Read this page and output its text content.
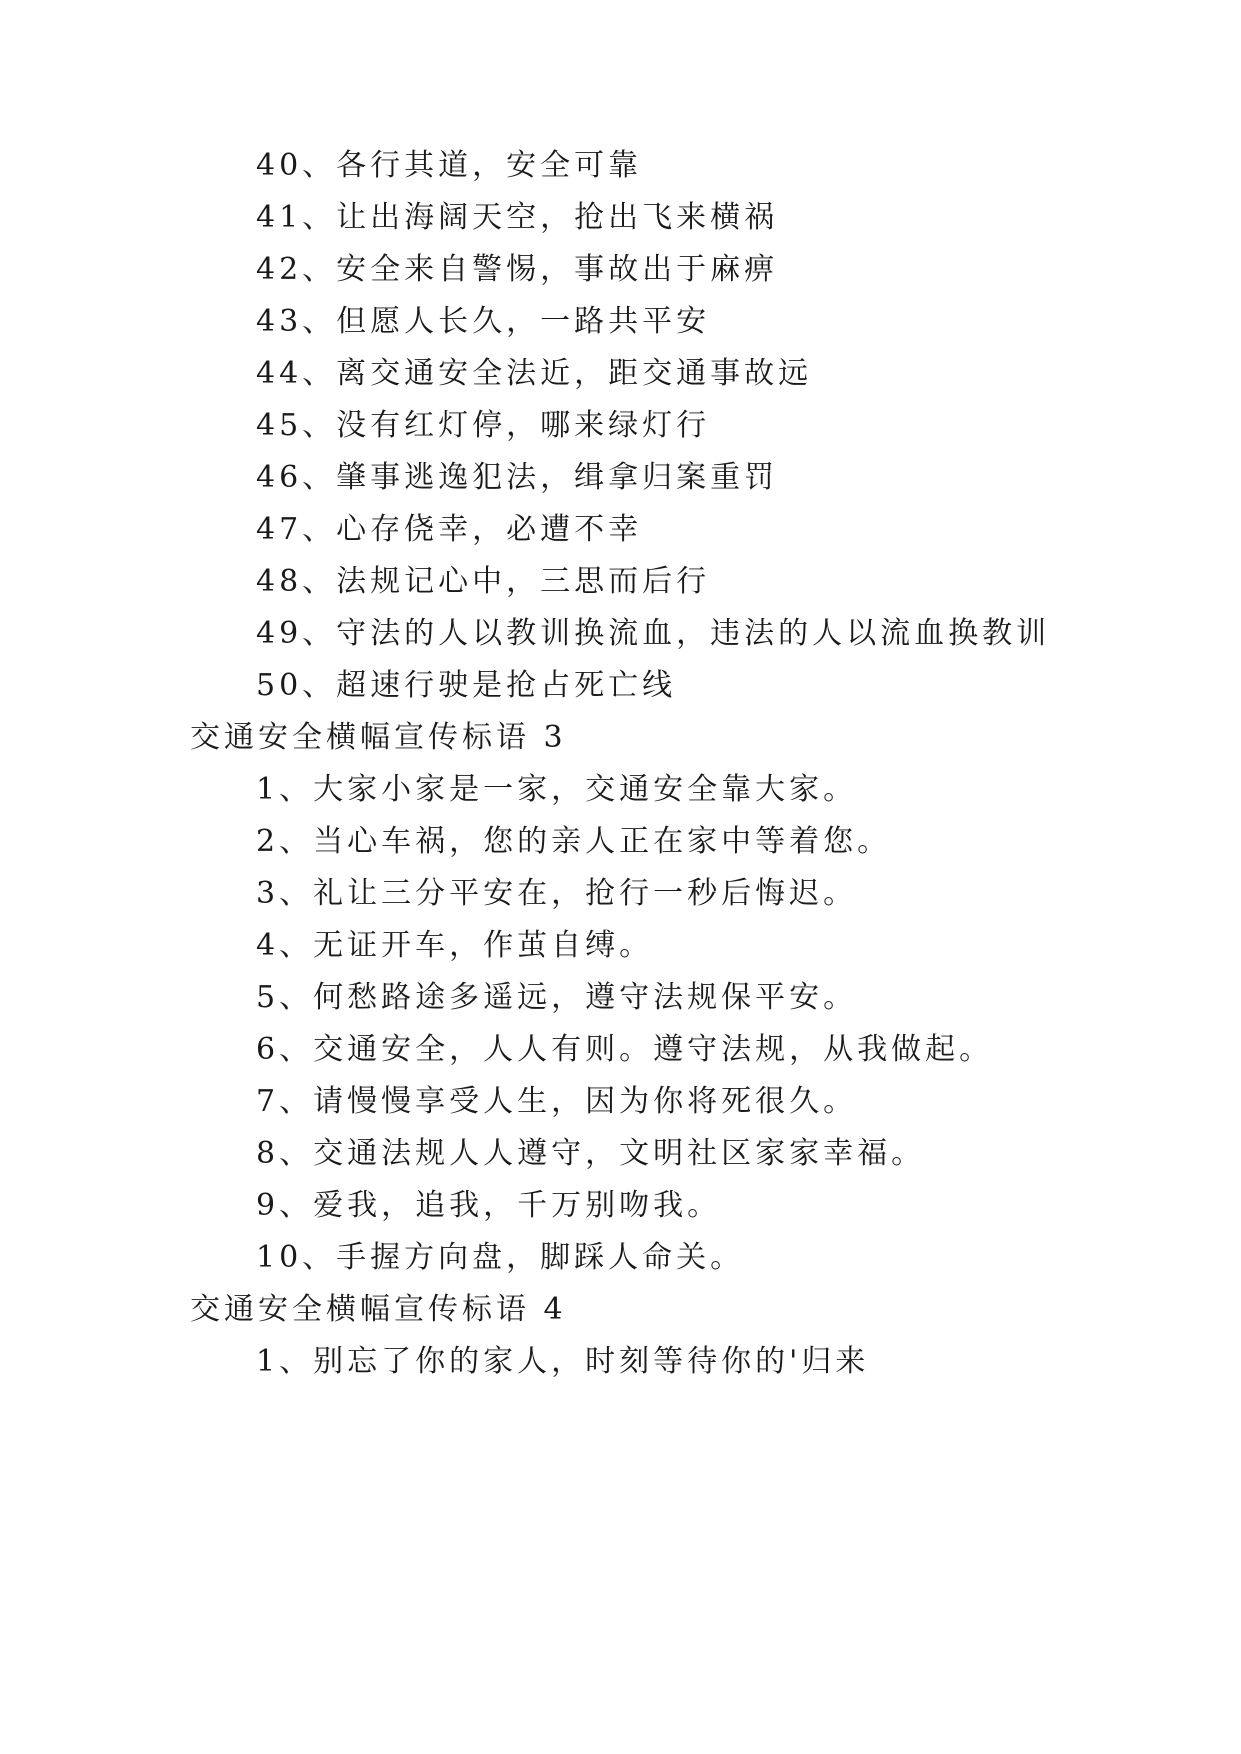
40、各行其道，安全可靠
41、让出海阔天空，抢出飞来横祸
42、安全来自警惕，事故出于麻痹
43、但愿人长久，一路共平安
44、离交通安全法近，距交通事故远
45、没有红灯停，哪来绿灯行
46、肇事逃逸犯法，缉拿归案重罚
47、心存侥幸，必遭不幸
48、法规记心中，三思而后行
49、守法的人以教训换流血，违法的人以流血换教训
50、超速行驶是抢占死亡线
交通安全横幅宣传标语 3
1、大家小家是一家，交通安全靠大家。
2、当心车祸，您的亲人正在家中等着您。
3、礼让三分平安在，抢行一秒后悔迟。
4、无证开车，作茧自缚。
5、何愁路途多遥远，遵守法规保平安。
6、交通安全，人人有则。遵守法规，从我做起。
7、请慢慢享受人生，因为你将死很久。
8、交通法规人人遵守，文明社区家家幸福。
9、爱我，追我，千万别吻我。
10、手握方向盘，脚踩人命关。
交通安全横幅宣传标语 4
1、别忘了你的家人，时刻等待你的'归来
